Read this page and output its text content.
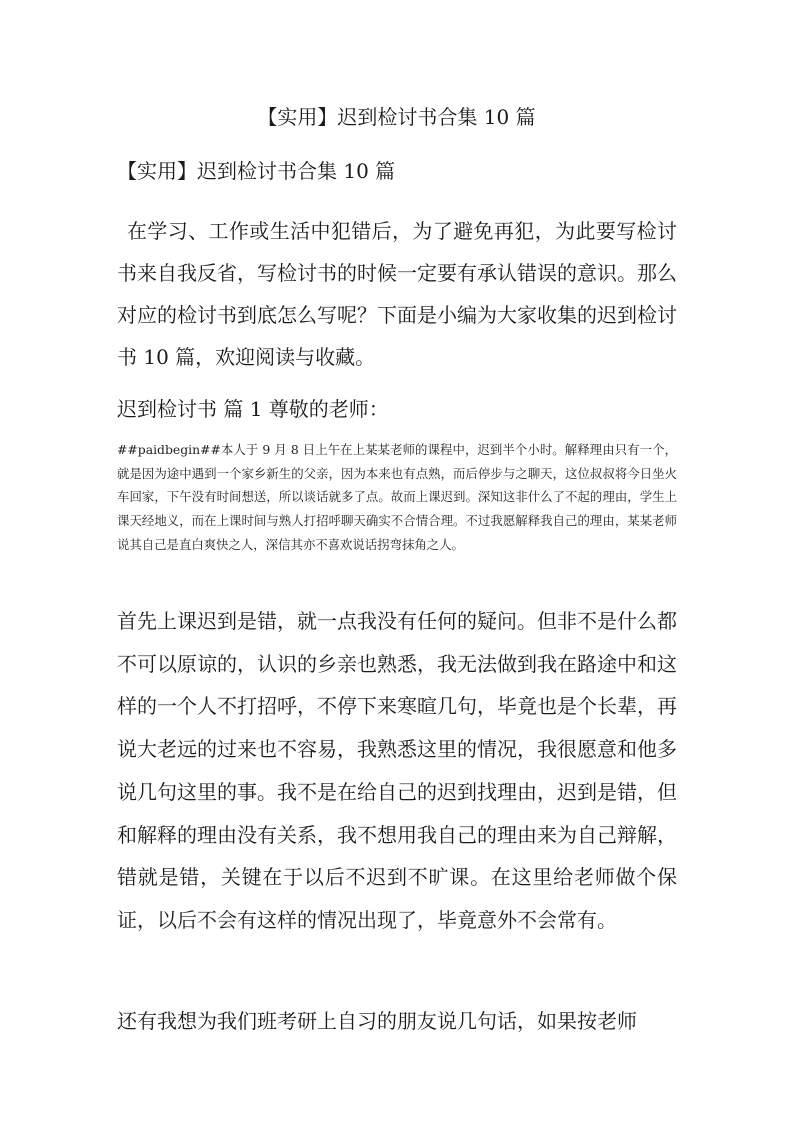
【实用】迟到检讨书合集 10 篇
【实用】迟到检讨书合集 10 篇

在学习、工作或生活中犯错后，为了避免再犯，为此要写检讨书来自我反省，写检讨书的时候一定要有承认错误的意识。那么对应的检讨书到底怎么写呢？下面是小编为大家收集的迟到检讨书 10 篇，欢迎阅读与收藏。

迟到检讨书 篇 1 尊敬的老师：

##paidbegin##本人于 9 月 8 日上午在上某某老师的课程中，迟到半个小时。解释理由只有一个，就是因为途中遇到一个家乡新生的父亲，因为本来也有点熟，而后停步与之聊天，这位叔叔将今日坐火车回家，下午没有时间想送，所以谈话就多了点。故而上课迟到。深知这非什么了不起的理由，学生上课天经地义，而在上课时间与熟人打招呼聊天确实不合情合理。不过我愿解释我自己的理由，某某老师说其自己是直白爽快之人，深信其亦不喜欢说话拐弯抹角之人。

首先上课迟到是错，就一点我没有任何的疑问。但非不是什么都不可以原谅的，认识的乡亲也熟悉，我无法做到我在路途中和这样的一个人不打招呼，不停下来寒暄几句，毕竟也是个长辈，再说大老远的过来也不容易，我熟悉这里的情况，我很愿意和他多说几句这里的事。我不是在给自己的迟到找理由，迟到是错，但和解释的理由没有关系，我不想用我自己的理由来为自己辩解，错就是错，关键在于以后不迟到不旷课。在这里给老师做个保证，以后不会有这样的情况出现了，毕竟意外不会常有。

还有我想为我们班考研上自习的朋友说几句话，如果按老师
